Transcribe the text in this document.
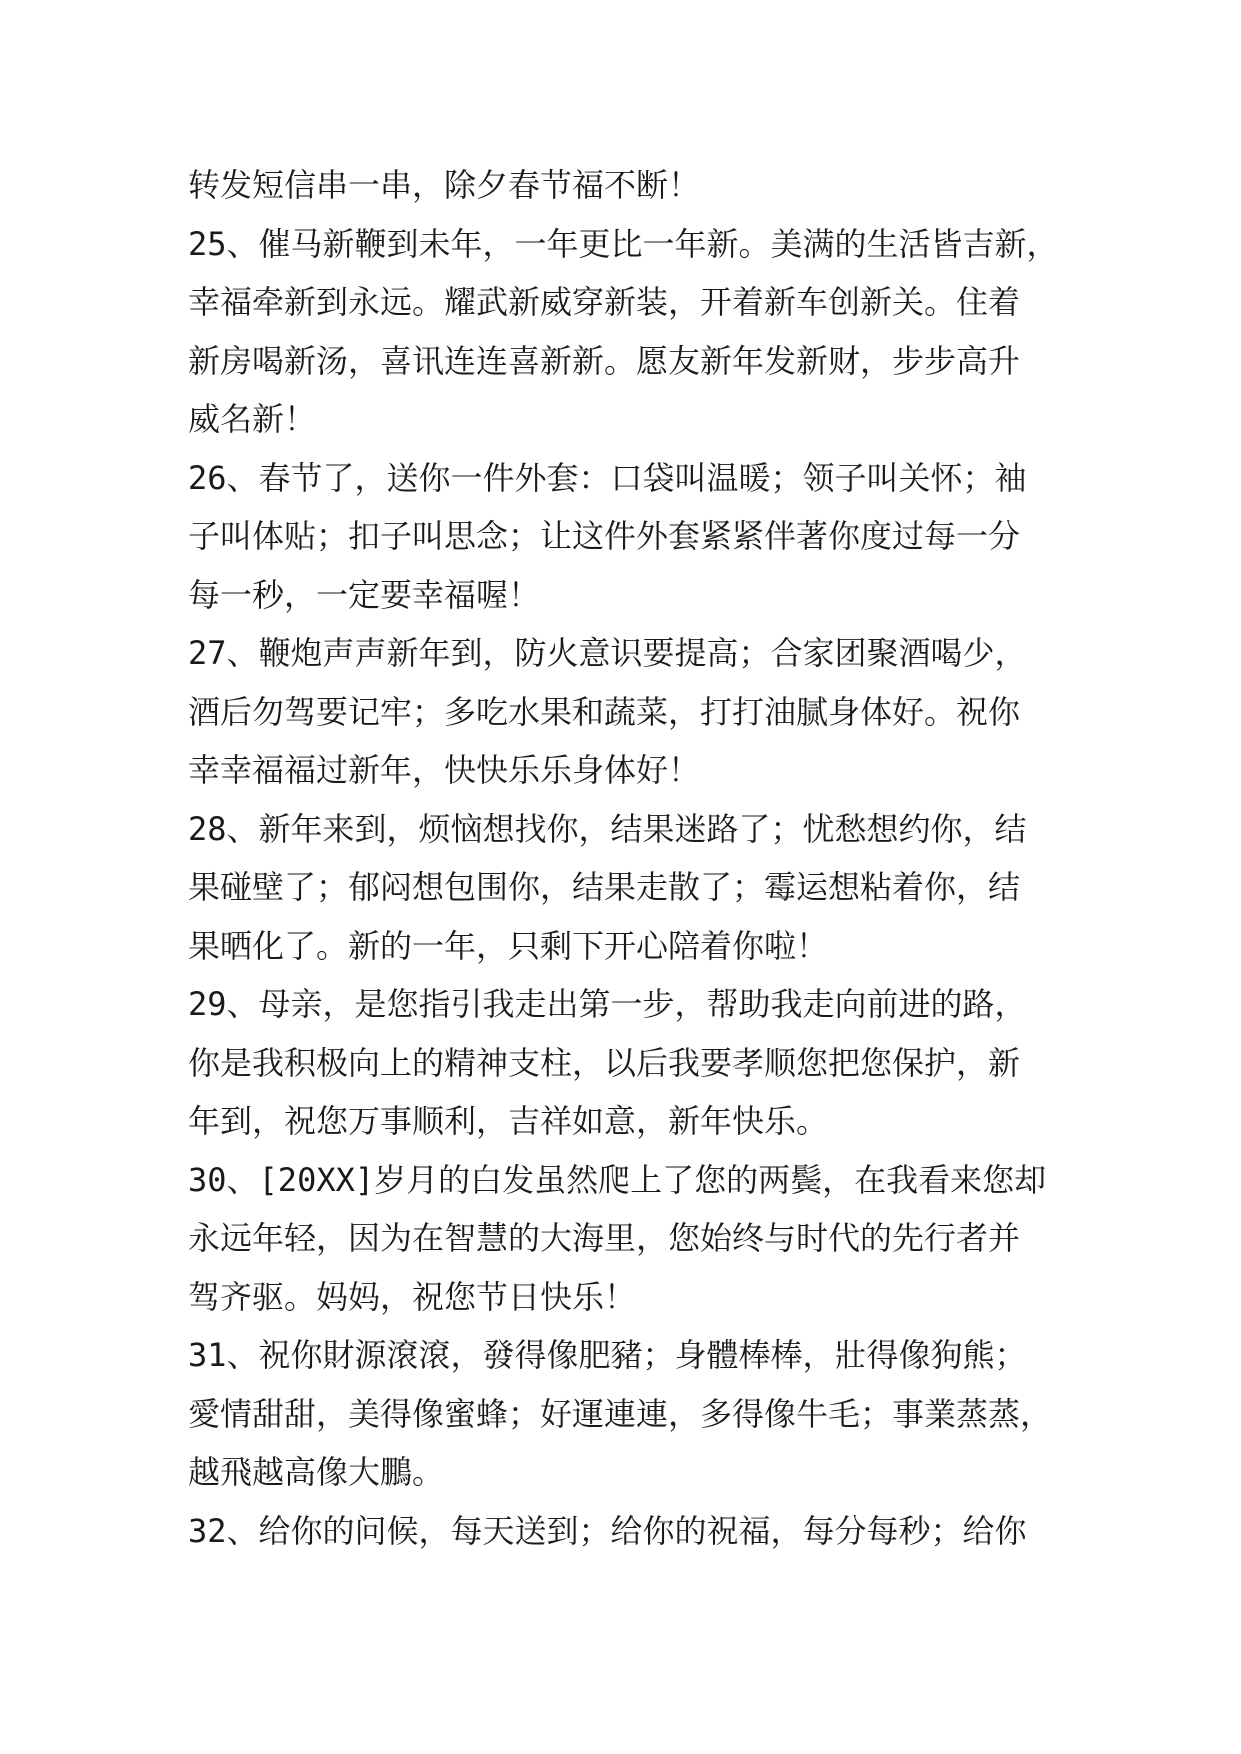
转发短信串一串，除夕春节福不断！
25、催马新鞭到未年，一年更比一年新。美满的生活皆吉新，
幸福牵新到永远。耀武新威穿新装，开着新车创新关。住着
新房喝新汤，喜讯连连喜新新。愿友新年发新财，步步高升
威名新！
26、春节了，送你一件外套：口袋叫温暖；领子叫关怀；袖
子叫体贴；扣子叫思念；让这件外套紧紧伴著你度过每一分
每一秒，一定要幸福喔！
27、鞭炮声声新年到，防火意识要提高；合家团聚酒喝少，
酒后勿驾要记牢；多吃水果和蔬菜，打打油腻身体好。祝你
幸幸福福过新年，快快乐乐身体好！
28、新年来到，烦恼想找你，结果迷路了；忧愁想约你，结
果碰壁了；郁闷想包围你，结果走散了；霉运想粘着你，结
果晒化了。新的一年，只剩下开心陪着你啦！
29、母亲，是您指引我走出第一步，帮助我走向前进的路，
你是我积极向上的精神支柱，以后我要孝顺您把您保护，新
年到，祝您万事顺利，吉祥如意，新年快乐。
30、[20XX]岁月的白发虽然爬上了您的两鬓，在我看来您却
永远年轻，因为在智慧的大海里，您始终与时代的先行者并
驾齐驱。妈妈，祝您节日快乐！
31、祝你財源滾滾，發得像肥豬；身體棒棒，壯得像狗熊；
愛情甜甜，美得像蜜蜂；好運連連，多得像牛毛；事業蒸蒸，
越飛越高像大鵬。
32、给你的问候，每天送到；给你的祝福，每分每秒；给你
